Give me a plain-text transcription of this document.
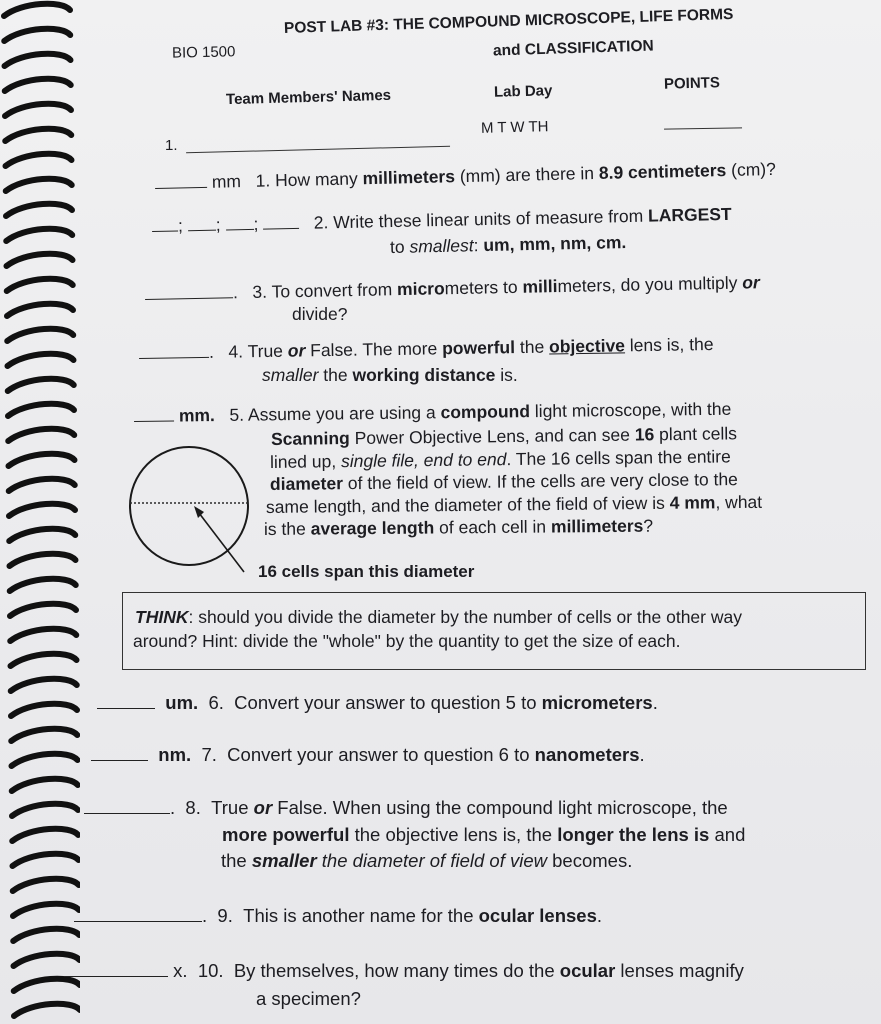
BIO 1500
POST LAB #3: THE COMPOUND MICROSCOPE, LIFE FORMS
and CLASSIFICATION
Team Members' Names	Lab Day	POINTS
1.
M T W TH
mm 1. How many millimeters (mm) are there in 8.9 centimeters (cm)?
; ; ;	2. Write these linear units of measure from LARGEST
to smallest: um, mm, nm, cm.
. 3. To convert from micrometers to millimeters, do you multiply or
divide?
. 4. True or False. The more powerful the objective lens is, the
smaller the working distance is.
mm. 5. Assume you are using a compound light microscope, with the
Scanning Power Objective Lens, and can see 16 plant cells
lined up, single file, end to end. The 16 cells span the entire
diameter of the field of view. If the cells are very close to the
same length, and the diameter of the field of view is 4 mm, what
is the average length of each cell in millimeters?
16 cells span this diameter
THINK: should you divide the diameter by the number of cells or the other way
around? Hint: divide the "whole" by the quantity to get the size of each.
um. 6. Convert your answer to question 5 to micrometers.
nm. 7. Convert your answer to question 6 to nanometers.
. 8. True or False. When using the compound light microscope, the
more powerful the objective lens is, the longer the lens is and
the smaller the diameter of field of view becomes.
. 9. This is another name for the ocular lenses.
x. 10. By themselves, how many times do the ocular lenses magnify
a specimen?
